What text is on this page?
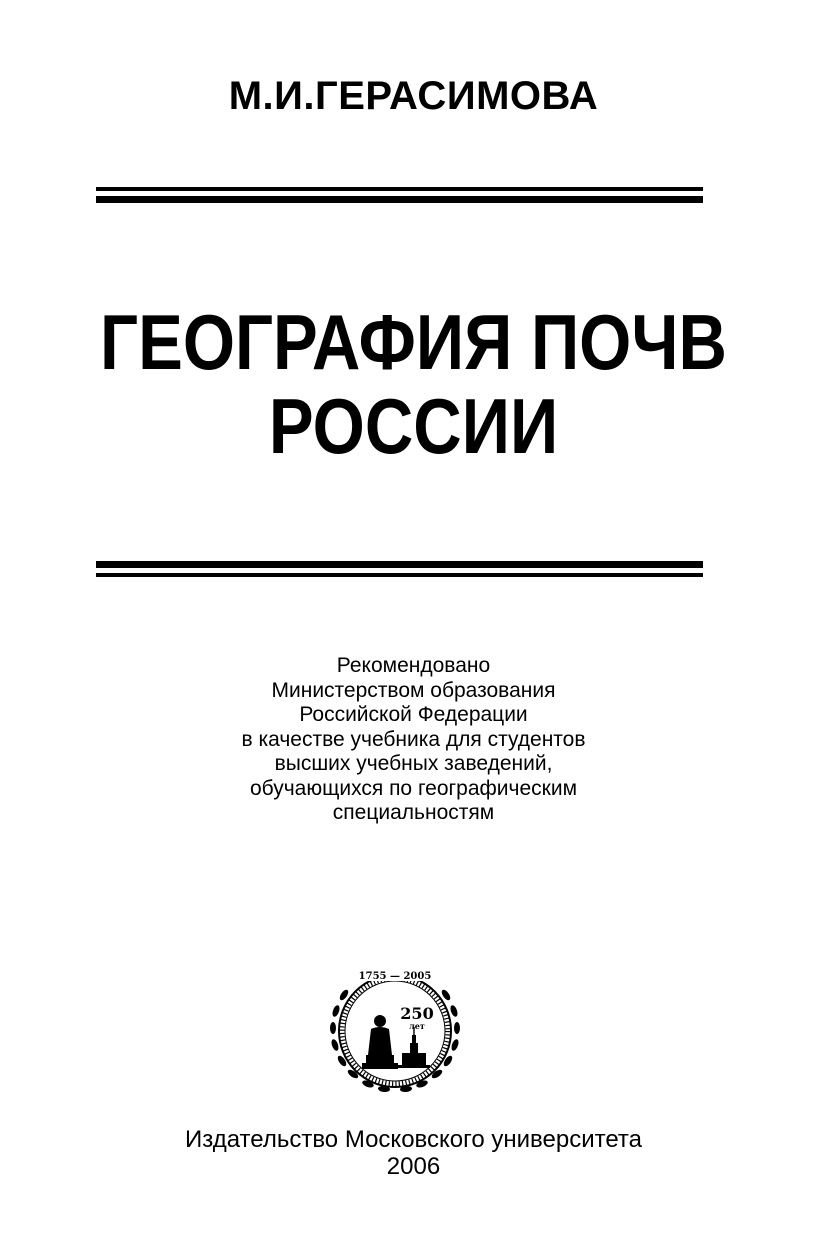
М.И.ГЕРАСИМОВА
ГЕОГРАФИЯ ПОЧВ
РОССИИ
Рекомендовано
Министерством образования
Российской Федерации
в качестве учебника для студентов
высших учебных заведений,
обучающихся по географическим
специальностям
1755 — 2005
250
лет
Издательство Московского университета
2006
